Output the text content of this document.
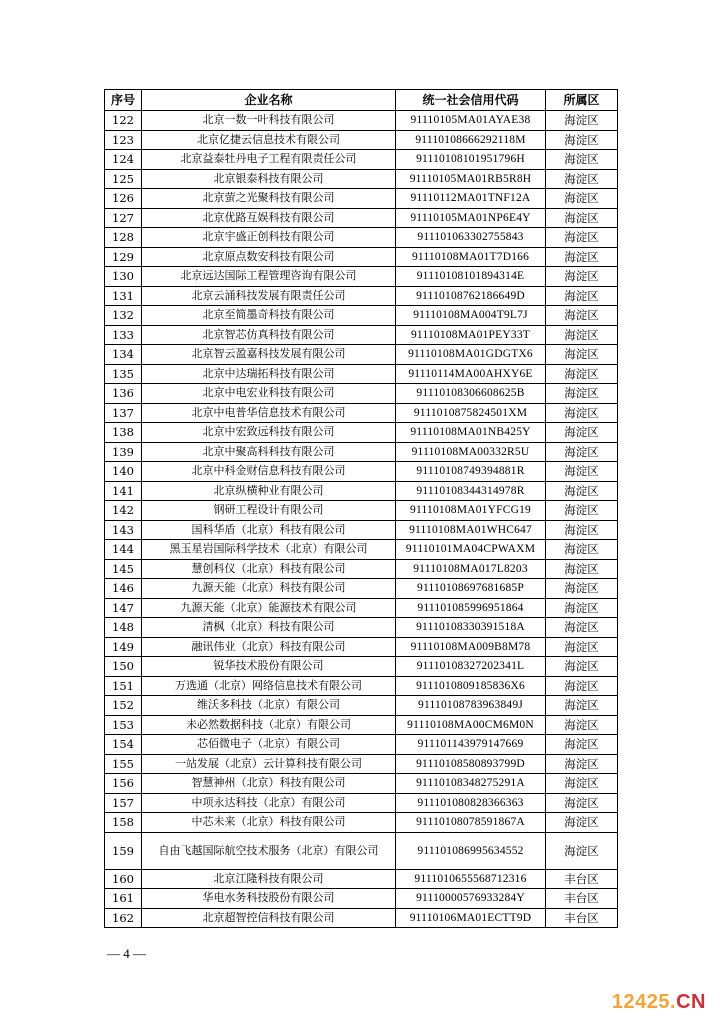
序号	企业名称	统一社会信用代码	所属区
122	北京一数一叶科技有限公司	91110105MA01AYAE38	海淀区
123	北京亿捷云信息技术有限公司	91110108666292118M	海淀区
124	北京益泰牡丹电子工程有限责任公司	91110108101951796H	海淀区
125	北京银泰科技有限公司	91110105MA01RB5R8H	海淀区
126	北京萤之光聚科技有限公司	91110112MA01TNF12A	海淀区
127	北京优路互娱科技有限公司	91110105MA01NP6E4Y	海淀区
128	北京宇盛正创科技有限公司	911101063302755843	海淀区
129	北京原点数安科技有限公司	91110108MA01T7D166	海淀区
130	北京远达国际工程管理咨询有限公司	91110108101894314E	海淀区
131	北京云涌科技发展有限责任公司	91110108762186649D	海淀区
132	北京至简墨奇科技有限公司	91110108MA004T9L7J	海淀区
133	北京智芯仿真科技有限公司	91110108MA01PEY33T	海淀区
134	北京智云盈嘉科技发展有限公司	91110108MA01GDGTX6	海淀区
135	北京中达瑞拓科技有限公司	91110114MA00AHXY6E	海淀区
136	北京中电宏业科技有限公司	91110108306608625B	海淀区
137	北京中电普华信息技术有限公司	9111010875824501XM	海淀区
138	北京中宏致远科技有限公司	91110108MA01NB425Y	海淀区
139	北京中聚高科科技有限公司	91110108MA00332R5U	海淀区
140	北京中科金财信息科技有限公司	91110108749394881R	海淀区
141	北京纵横种业有限公司	91110108344314978R	海淀区
142	钢研工程设计有限公司	91110108MA01YFCG19	海淀区
143	国科华盾（北京）科技有限公司	91110108MA01WHC647	海淀区
144	黑玉星岩国际科学技术（北京）有限公司	91110101MA04CPWAXM	海淀区
145	慧创科仪（北京）科技有限公司	91110108MA017L8203	海淀区
146	九源天能（北京）科技有限公司	91110108697681685P	海淀区
147	九源天能（北京）能源技术有限公司	911101085996951864	海淀区
148	清枫（北京）科技有限公司	91110108330391518A	海淀区
149	融讯伟业（北京）科技有限公司	91110108MA009B8M78	海淀区
150	锐华技术股份有限公司	91110108327202341L	海淀区
151	万选通（北京）网络信息技术有限公司	9111010809185836X6	海淀区
152	维沃多科技（北京）有限公司	91110108783963849J	海淀区
153	未必然数据科技（北京）有限公司	91110108MA00CM6M0N	海淀区
154	芯佰微电子（北京）有限公司	911101143979147669	海淀区
155	一站发展（北京）云计算科技有限公司	91110108580893799D	海淀区
156	智慧神州（北京）科技有限公司	91110108348275291A	海淀区
157	中项永达科技（北京）有限公司	911101080828366363	海淀区
158	中芯未来（北京）科技有限公司	91110108078591867A	海淀区
159	自由飞越国际航空技术服务（北京）有限公司	911101086995634552	海淀区
160	北京江隆科技有限公司	9111010655568712316	丰台区
161	华电水务科技股份有限公司	91110000576933284Y	丰台区
162	北京超智控信科技有限公司	91110106MA01ECTT9D	丰台区
— 4 —
12425.CN
